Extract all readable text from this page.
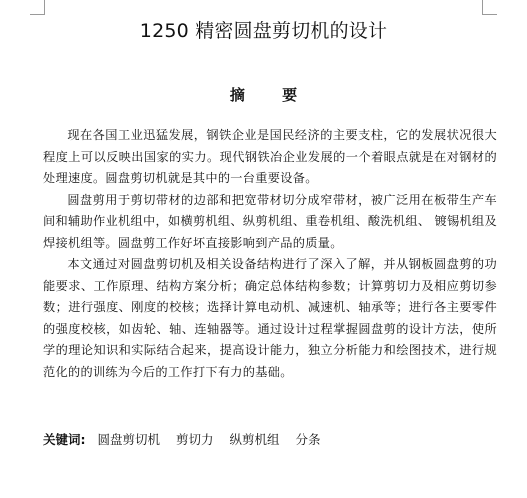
1250 精密圆盘剪切机的设计
摘 要

现在各国工业迅猛发展，钢铁企业是国民经济的主要支柱，它的发展状况很大程度上可以反映出国家的实力。现代钢铁冶企业发展的一个着眼点就是在对钢材的处理速度。圆盘剪切机就是其中的一台重要设备。

圆盘剪用于剪切带材的边部和把宽带材切分成窄带材，被广泛用在板带生产车间和辅助作业机组中，如横剪机组、纵剪机组、重卷机组、酸洗机组、 镀锡机组及焊接机组等。圆盘剪工作好坏直接影响到产品的质量。

本文通过对圆盘剪切机及相关设备结构进行了深入了解，并从钢板圆盘剪的功能要求、工作原理、结构方案分析；确定总体结构参数；计算剪切力及相应剪切参数；进行强度、刚度的校核；选择计算电动机、减速机、轴承等；进行各主要零件的强度校核，如齿轮、轴、连轴器等。通过设计过程掌握圆盘剪的设计方法，使所学的理论知识和实际结合起来，提高设计能力，独立分析能力和绘图技术，进行规范化的的训练为今后的工作打下有力的基础。

关键词: 圆盘剪切机 剪切力 纵剪机组 分条
